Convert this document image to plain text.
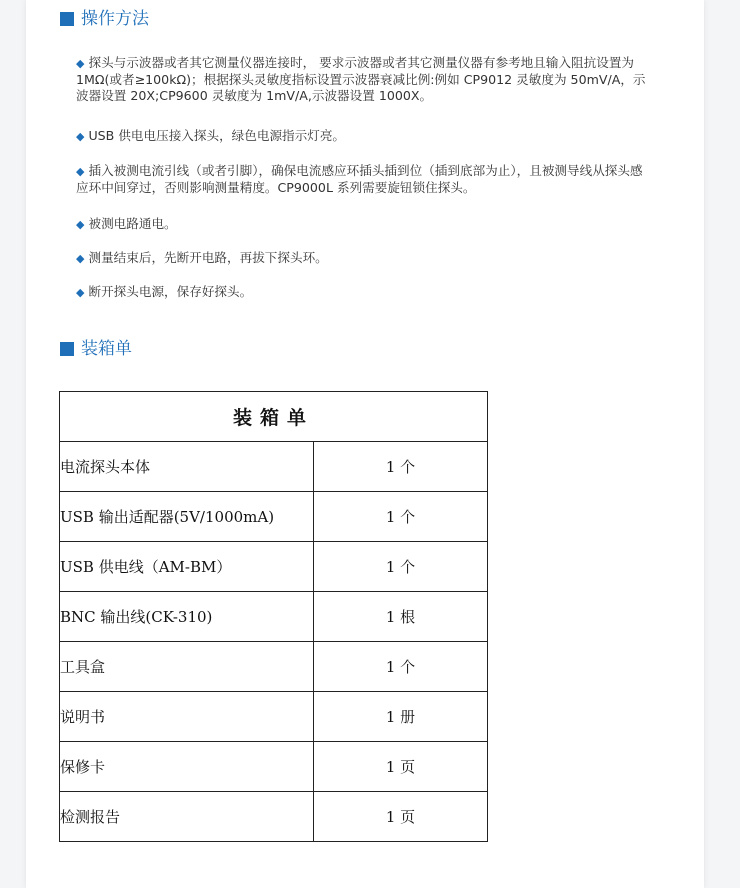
操作方法

◆ 探头与示波器或者其它测量仪器连接时， 要求示波器或者其它测量仪器有参考地且输入阻抗设置为 1MΩ(或者≥100kΩ)；根据探头灵敏度指标设置示波器衰减比例:例如 CP9012 灵敏度为 50mV/A，示波器设置 20X;CP9600 灵敏度为 1mV/A,示波器设置 1000X。

◆ USB 供电电压接入探头，绿色电源指示灯亮。

◆ 插入被测电流引线（或者引脚），确保电流感应环插头插到位（插到底部为止），且被测导线从探头感应环中间穿过，否则影响测量精度。CP9000L 系列需要旋钮锁住探头。

◆ 被测电路通电。

◆ 测量结束后，先断开电路，再拔下探头环。

◆ 断开探头电源，保存好探头。

装箱单
装箱单	
电流探头本体	1 个
USB 输出适配器(5V/1000mA)	1 个
USB 供电线（AM-BM）	1 个
BNC 输出线(CK-310)	1 根
工具盒	1 个
说明书	1 册
保修卡	1 页
检测报告	1 页
